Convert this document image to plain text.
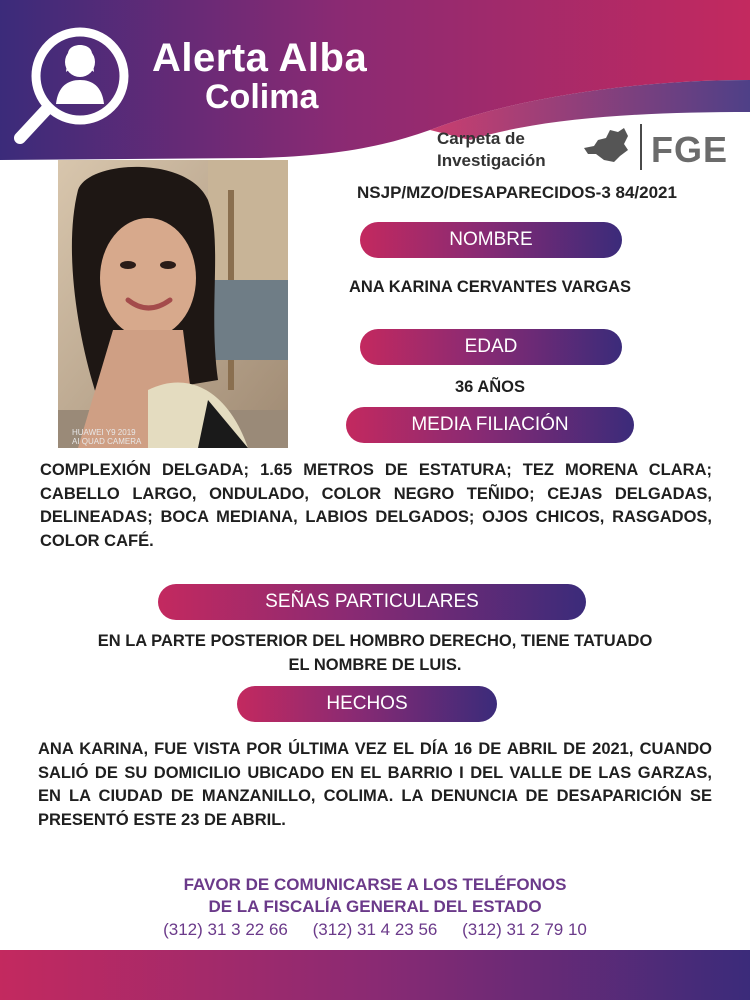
Alerta Alba
Colima
Carpeta de
Investigación	FGE
NSJP/MZO/DESAPARECIDOS-3 84/2021
HUAWEI Y9 2019
AI QUAD CAMERA
NOMBRE
ANA KARINA CERVANTES VARGAS
EDAD
36 AÑOS
MEDIA FILIACIÓN
COMPLEXIÓN DELGADA; 1.65 METROS DE ESTATURA; TEZ MORENA CLARA; CABELLO LARGO, ONDULADO, COLOR NEGRO TEÑIDO; CEJAS DELGADAS, DELINEADAS; BOCA MEDIANA, LABIOS DELGADOS; OJOS CHICOS, RASGADOS, COLOR CAFÉ.
SEÑAS PARTICULARES
EN LA PARTE POSTERIOR DEL HOMBRO DERECHO, TIENE TATUADO
EL NOMBRE DE LUIS.
HECHOS
ANA KARINA, FUE VISTA POR ÚLTIMA VEZ EL DÍA 16 DE ABRIL DE 2021, CUANDO SALIÓ DE SU DOMICILIO UBICADO EN EL BARRIO I DEL VALLE DE LAS GARZAS, EN LA CIUDAD DE MANZANILLO, COLIMA. LA DENUNCIA DE DESAPARICIÓN SE PRESENTÓ ESTE 23 DE ABRIL.
FAVOR DE COMUNICARSE A LOS TELÉFONOS
DE LA FISCALÍA GENERAL DEL ESTADO
(312) 31 3 22 66 (312) 31 4 23 56 (312) 31 2 79 10
